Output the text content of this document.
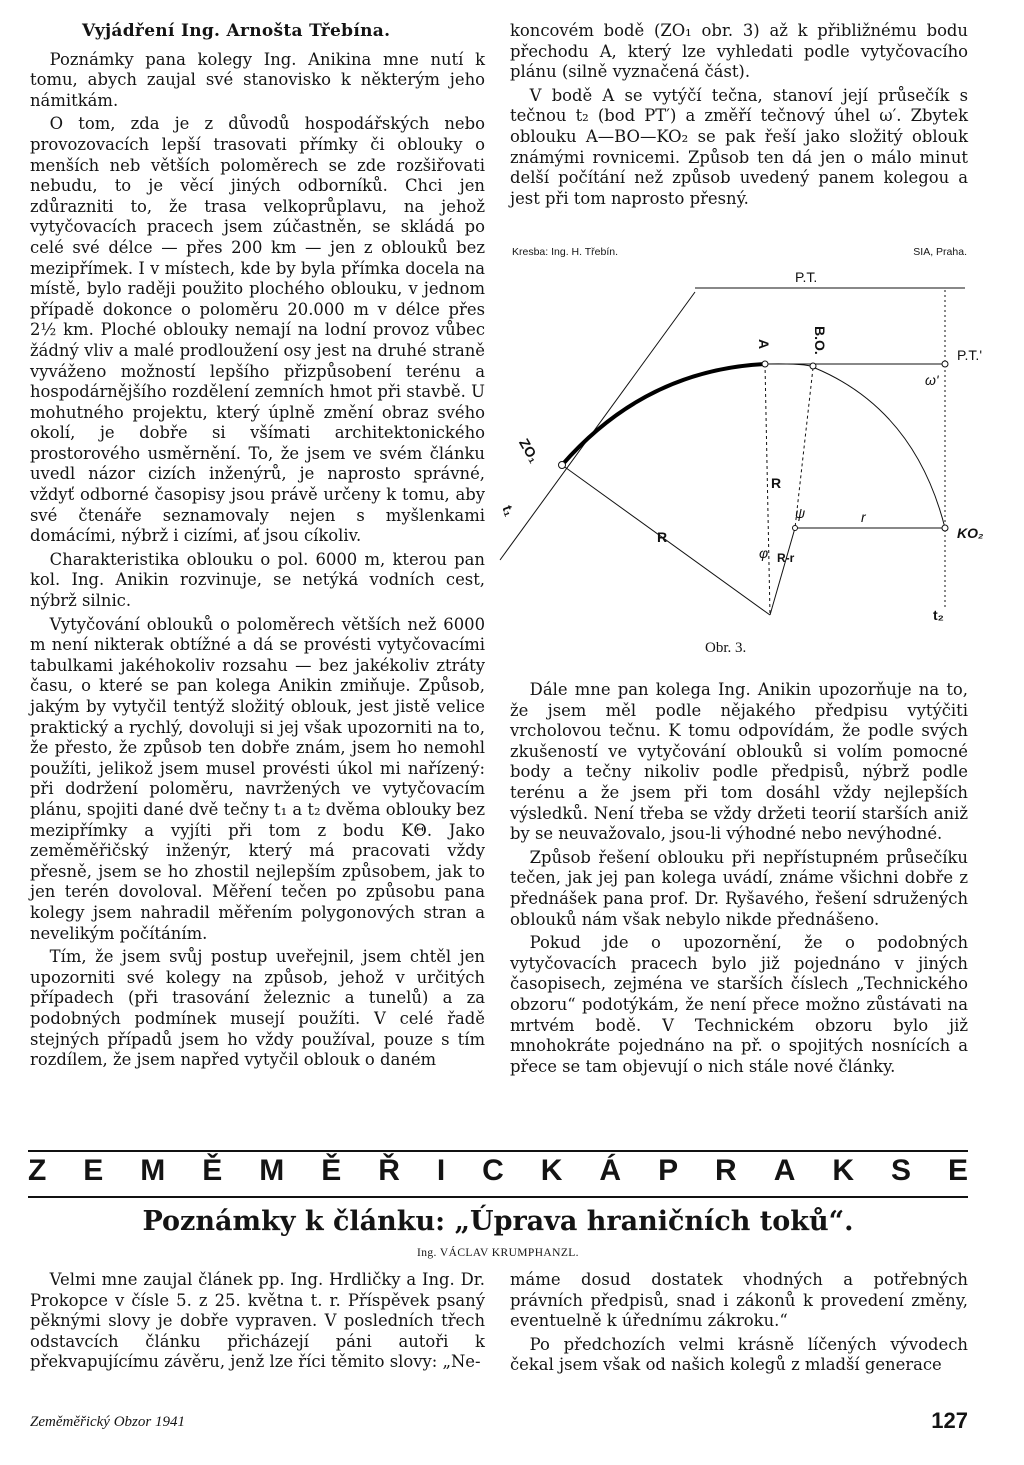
Vyjádření Ing. Arnošta Třebína.

Poznámky pana kolegy Ing. Anikina mne nutí k tomu, abych zaujal své stanovisko k některým jeho námitkám.

O tom, zda je z důvodů hospodářských nebo provozovacích lepší trasovati přímky či oblouky o menších neb větších poloměrech se zde rozšiřovati nebudu, to je věcí jiných odborníků. Chci jen zdůrazniti to, že trasa velkoprůplavu, na jehož vytyčovacích pracech jsem zúčastněn, se skládá po celé své délce — přes 200 km — jen z oblouků bez mezipřímek. I v místech, kde by byla přímka docela na místě, bylo raději použito plochého oblouku, v jednom případě dokonce o poloměru 20.000 m v délce přes 2½ km. Ploché oblouky nemají na lodní provoz vůbec žádný vliv a malé prodloužení osy jest na druhé straně vyváženo možností lepšího přizpůsobení terénu a hospodárnějšího rozdělení zemních hmot při stavbě. U mohutného projektu, který úplně změní obraz svého okolí, je dobře si všímati architektonického prostorového usměrnění. To, že jsem ve svém článku uvedl názor cizích inženýrů, je naprosto správné, vždyť odborné časopisy jsou právě určeny k tomu, aby své čtenáře seznamovaly nejen s myšlenkami domácími, nýbrž i cizími, ať jsou cíkoliv.

Charakteristika oblouku o pol. 6000 m, kterou pan kol. Ing. Anikin rozvinuje, se netýká vodních cest, nýbrž silnic.

Vytyčování oblouků o poloměrech větších než 6000 m není nikterak obtížné a dá se provésti vytyčovacími tabulkami jakéhokoliv rozsahu — bez jakékoliv ztráty času, o které se pan kolega Anikin zmiňuje. Způsob, jakým by vytyčil tentýž složitý oblouk, jest jistě velice praktický a rychlý, dovoluji si jej však upozorniti na to, že přesto, že způsob ten dobře znám, jsem ho nemohl použíti, jelikož jsem musel provésti úkol mi nařízený: při dodržení poloměru, navržených ve vytyčovacím plánu, spojiti dané dvě tečny t₁ a t₂ dvěma oblouky bez mezipřímky a vyjíti při tom z bodu KΘ. Jako zeměměřičský inženýr, který má pracovati vždy přesně, jsem se ho zhostil nejlepším způsobem, jak to jen terén dovoloval. Měření tečen po způsobu pana kolegy jsem nahradil měřením polygonových stran a nevelikým počítáním.

Tím, že jsem svůj postup uveřejnil, jsem chtěl jen upozorniti své kolegy na způsob, jehož v určitých případech (při trasování železnic a tunelů) a za podobných podmínek musejí použíti. V celé řadě stejných případů jsem ho vždy používal, pouze s tím rozdílem, že jsem napřed vytyčil oblouk o daném

koncovém bodě (ZO₁ obr. 3) až k přibližnému bodu přechodu A, který lze vyhledati podle vytyčovacího plánu (silně vyznačená část).

V bodě A se vytýčí tečna, stanoví její průsečík s tečnou t₂ (bod PT′) a změří tečnový úhel ω′. Zbytek oblouku A—BO—KO₂ se pak řeší jako složitý oblouk známými rovnicemi. Způsob ten dá jen o málo minut delší počítání než způsob uvedený panem kolegou a jest při tom naprosto přesný.

Kresba: Ing. H. Třebín.	SIA, Praha.
P.T.
P.T.'
A	B.O.
ZO₁
t₁
t₂
KO₂
ω'
R
R
r
ψ
φ R-r
Obr. 3.

Dále mne pan kolega Ing. Anikin upozorňuje na to, že jsem měl podle nějakého předpisu vytýčiti vrcholovou tečnu. K tomu odpovídám, že podle svých zkušeností ve vytyčování oblouků si volím pomocné body a tečny nikoliv podle předpisů, nýbrž podle terénu a že jsem při tom dosáhl vždy nejlepších výsledků. Není třeba se vždy držeti teorií starších aniž by se neuvažovalo, jsou-li výhodné nebo nevýhodné.

Způsob řešení oblouku při nepřístupném průsečíku tečen, jak jej pan kolega uvádí, známe všichni dobře z přednášek pana prof. Dr. Ryšavého, řešení sdružených oblouků nám však nebylo nikde přednášeno.

Pokud jde o upozornění, že o podobných vytyčovacích pracech bylo již pojednáno v jiných časopisech, zejména ve starších číslech „Technického obzoru“ podotýkám, že není přece možno zůstávati na mrtvém bodě. V Technickém obzoru bylo již mnohokráte pojednáno na př. o spojitých nosnících a přece se tam objevují o nich stále nové články.

Z E M Ě M Ě Ř I C K Á P R A K S E
Poznámky k článku: „Úprava hraničních toků“.
Ing. VÁCLAV KRUMPHANZL.

Velmi mne zaujal článek pp. Ing. Hrdličky a Ing. Dr. Prokopce v čísle 5. z 25. května t. r. Příspěvek psaný pěknými slovy je dobře vypraven. V posledních třech odstavcích článku přicházejí páni autoři k překvapujícímu závěru, jenž lze říci těmito slovy: „Ne-

máme dosud dostatek vhodných a potřebných právních předpisů, snad i zákonů k provedení změny, eventuelně k úřednímu zákroku.“

Po předchozích velmi krásně líčených vývodech čekal jsem však od našich kolegů z mladší generace

Zeměměřický Obzor 1941	127
